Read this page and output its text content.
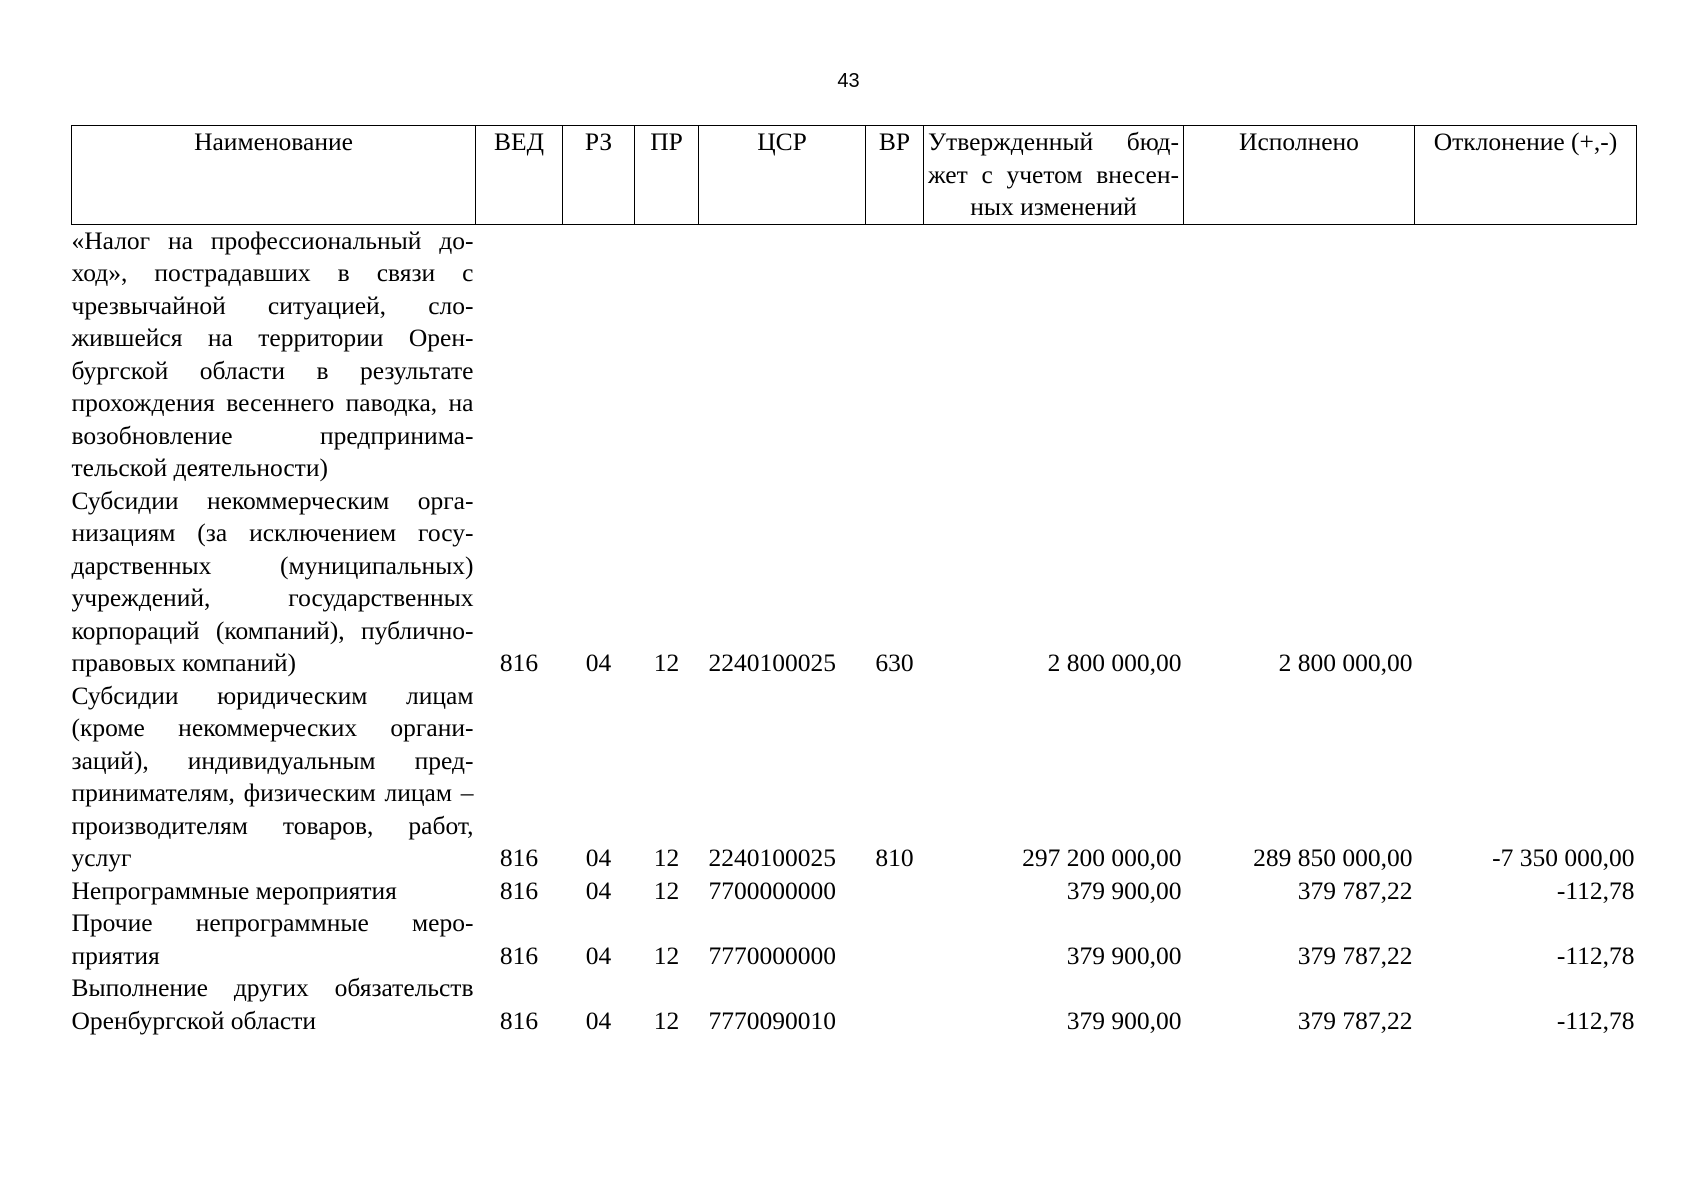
43
Наименование	ВЕД	РЗ	ПР	ЦСР	ВР	Утвержденный бюджет с учетом внесенных изменений	Исполнено	Отклонение (+,-)
«Налог на профессиональный доход», пострадавших в связи с чрезвычайной ситуацией, сложившейся на территории Оренбургской области в результате прохождения весеннего паводка, на возобновление предпринимательской деятельности)								
Субсидии некоммерческим организациям (за исключением государственных (муниципальных) учреждений, государственных корпораций (компаний), публично-правовых компаний)	816	04	12	2240100025	630	2 800 000,00	2 800 000,00	
Субсидии юридическим лицам (кроме некоммерческих организаций), индивидуальным предпринимателям, физическим лицам – производителям товаров, работ, услуг	816	04	12	2240100025	810	297 200 000,00	289 850 000,00	-7 350 000,00
Непрограммные мероприятия	816	04	12	7700000000		379 900,00	379 787,22	-112,78
Прочие непрограммные мероприятия	816	04	12	7770000000		379 900,00	379 787,22	-112,78
Выполнение других обязательств Оренбургской области	816	04	12	7770090010		379 900,00	379 787,22	-112,78
